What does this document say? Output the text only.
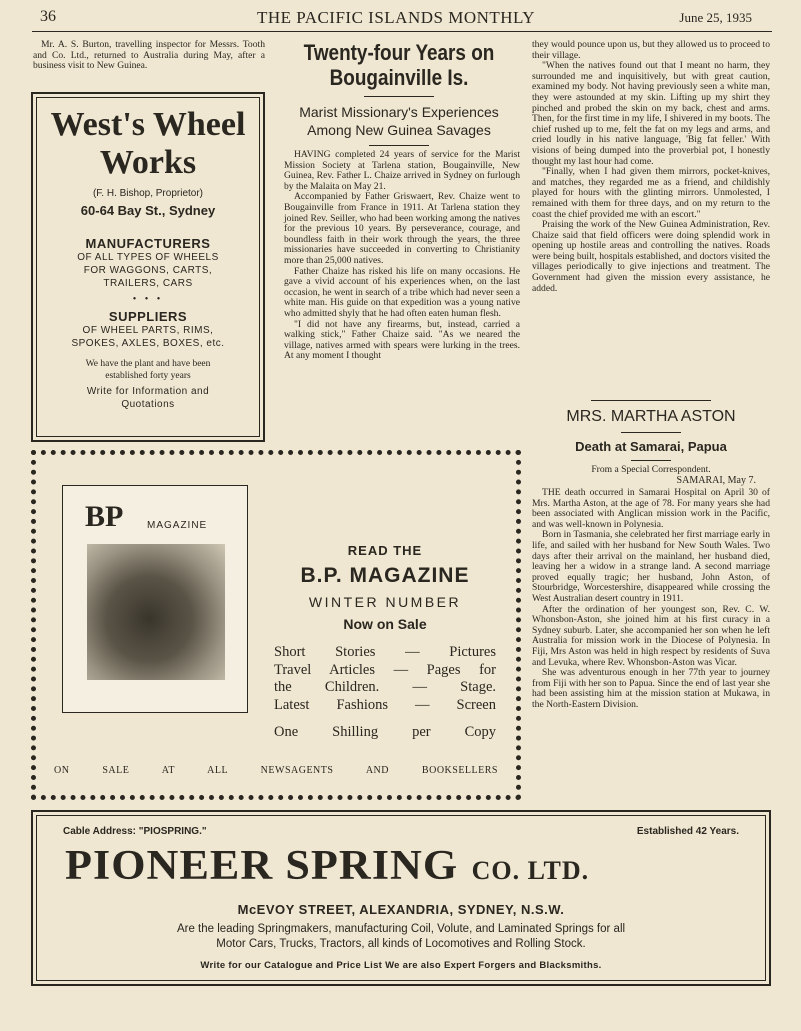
36	THE PACIFIC ISLANDS MONTHLY	June 25, 1935
Mr. A. S. Burton, travelling inspector for Messrs. Tooth and Co. Ltd., returned to Australia during May, after a business visit to New Guinea.
West's Wheel
Works
(F. H. Bishop, Proprietor)
60-64 Bay St., Sydney
MANUFACTURERS
OF ALL TYPES OF WHEELS
FOR WAGGONS, CARTS,
TRAILERS, CARS
• • •
SUPPLIERS
OF WHEEL PARTS, RIMS,
SPOKES, AXLES, BOXES, etc.
We have the plant and have been
established forty years
Write for Information and
Quotations
Twenty-four Years on
Bougainville Is.
Marist Missionary's Experiences
Among New Guinea Savages

HAVING completed 24 years of service for the Marist Mission Society at Tarlena station, Bougainville, New Guinea, Rev. Father L. Chaize arrived in Sydney on furlough by the Malaita on May 21.

Accompanied by Father Griswaert, Rev. Chaize went to Bougainville from France in 1911. At Tarlena station they joined Rev. Seiller, who had been working among the natives for the previous 10 years. By perseverance, courage, and boundless faith in their work through the years, the three missionaries have succeeded in converting to Christianity more than 25,000 natives.

Father Chaize has risked his life on many occasions. He gave a vivid account of his experiences when, on the last occasion, he went in search of a tribe which had never seen a white man. His guide on that expedition was a young native who admitted shyly that he had often eaten human flesh.

"I did not have any firearms, but, instead, carried a walking stick," Father Chaize said. "As we neared the village, natives armed with spears were lurking in the trees. At any moment I thought

they would pounce upon us, but they allowed us to proceed to their village.

"When the natives found out that I meant no harm, they surrounded me and inquisitively, but with great caution, examined my body. Not having previously seen a white man, they were astounded at my skin. Lifting up my shirt they pinched and probed the skin on my back, chest and arms. Then, for the first time in my life, I shivered in my boots. The chief rushed up to me, felt the fat on my legs and arms, and cried loudly in his native language, 'Big fat feller.' With visions of being dumped into the proverbial pot, I honestly thought my last hour had come.

"Finally, when I had given them mirrors, pocket-knives, and matches, they regarded me as a friend, and childishly played for hours with the glinting mirrors. Unmolested, I remained with them for three days, and on my return to the coast the chief provided me with an escort."

Praising the work of the New Guinea Administration, Rev. Chaize said that field officers were doing splendid work in opening up hostile areas and controlling the natives. Roads were being built, hospitals established, and doctors visited the villages periodically to give injections and treatment. The Government had given the mission every assistance, he added.

MRS. MARTHA ASTON
Death at Samarai, Papua
From a Special Correspondent.
SAMARAI, May 7.

THE death occurred in Samarai Hospital on April 30 of Mrs. Martha Aston, at the age of 78. For many years she had been associated with Anglican mission work in the Pacific, and was well-known in Polynesia.

Born in Tasmania, she celebrated her first marriage early in life, and sailed with her husband for New South Wales. Two days after their arrival on the mainland, her husband died, leaving her a widow in a strange land. A second marriage proved equally tragic; her husband, John Aston, of Stourbridge, Worcestershire, disappeared while crossing the West Australian desert country in 1911.

After the ordination of her youngest son, Rev. C. W. Whonsbon-Aston, she joined him at his first curacy in a Sydney suburb. Later, she accompanied her son when he left Australia for mission work in the Diocese of Polynesia. In Fiji, Mrs Aston was held in high respect by residents of Suva and Levuka, where Rev. Whonsbon-Aston was Vicar.

She was adventurous enough in her 77th year to journey from Fiji with her son to Papua. Since the end of last year she had been assisting him at the mission station at Mukawa, in the North-Eastern Division.

BP MAGAZINE
READ THE
B.P. MAGAZINE
WINTER NUMBER
Now on Sale
Short Stories — Pictures
Travel Articles — Pages for
the Children. — Stage.
Latest Fashions — Screen
One Shilling per Copy
ON SALE AT ALL NEWSAGENTS AND BOOKSELLERS
Cable Address: "PIOSPRING."	Established 42 Years.
PIONEER SPRING CO. LTD.
McEVOY STREET, ALEXANDRIA, SYDNEY, N.S.W.
Are the leading Springmakers, manufacturing Coil, Volute, and Laminated Springs for all
Motor Cars, Trucks, Tractors, all kinds of Locomotives and Rolling Stock.
Write for our Catalogue and Price List We are also Expert Forgers and Blacksmiths.
